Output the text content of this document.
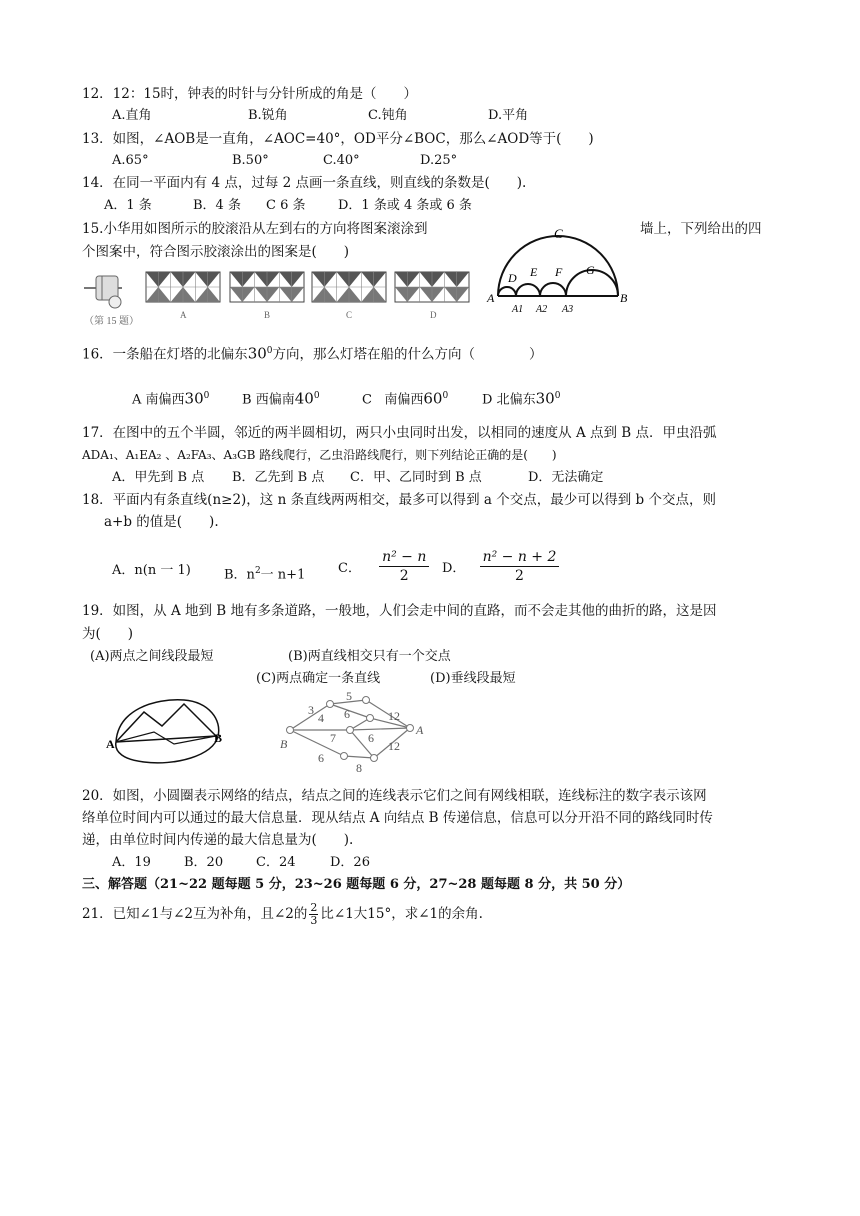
12．12：15时，钟表的时针与分针所成的角是（　　）
A.直角	B.锐角	C.钝角	D.平角
13．如图，∠AOB是一直角，∠AOC=40°，OD平分∠BOC，那么∠AOD等于(　　)
A.65°	B.50°	C.40°	D.25°
14．在同一平面内有 4 点，过每 2 点画一条直线，则直线的条数是(　　).
A．1 条	B．4 条 C 6 条	D．1 条或 4 条或 6 条
15.小华用如图所示的胶滚沿从左到右的方向将图案滚涂到	墙上，下列给出的四
个图案中，符合图示胶滚涂出的图案是(　　)
（第 15 题）
A	B	C	D
C
D E F G
A	B
A1 A2 A3
16．一条船在灯塔的北偏东$30^0$方向，那么灯塔在船的什么方向（　　　　）
A 南偏西$30^0$	B 西偏南$40^0$	C 南偏西$60^0$	D 北偏东$30^0$
17．在图中的五个半圆，邻近的两半圆相切，两只小虫同时出发，以相同的速度从 A 点到 B 点．甲虫沿弧
ADA₁、A₁EA₂ 、A₂FA₃、A₃GB 路线爬行，乙虫沿路线爬行，则下列结论正确的是(　　)
A．甲先到 B 点 B．乙先到 B 点 C．甲、乙同时到 B 点	D．无法确定
18．平面内有条直线(n≥2)，这 n 条直线两两相交，最多可以得到 a 个交点，最少可以得到 b 个交点，则
a+b 的值是(　　).
A．n(n 一 1)	B．$n^2$一 n+1	C． $\frac{\text{n² − n}}{2}$ D． $\frac{\text{n² − n + 2}}{2}$
19．如图，从 A 地到 B 地有多条道路，一般地，人们会走中间的直路，而不会走其他的曲折的路，这是因
为(　　)
(A)两点之间线段最短	(B)两直线相交只有一个交点
(C)两点确定一条直线	(D)垂线段最短
A	B	B
A
3
5
4 6	12
7	6
6
12
8
20．如图，小圆圈表示网络的结点，结点之间的连线表示它们之间有网线相联，连线标注的数字表示该网
络单位时间内可以通过的最大信息量．现从结点 A 向结点 B 传递信息，信息可以分开沿不同的路线同时传
递，由单位时间内传递的最大信息量为(　　).
A．19	B．20	C．24	D．26
三、解答题（21~22 题每题 5 分，23~26 题每题 6 分，27~28 题每题 8 分，共 50 分）
21．已知∠1与∠2互为补角，且∠2的 $\frac{2}{3}$ 比∠1大15°，求∠1的余角.
